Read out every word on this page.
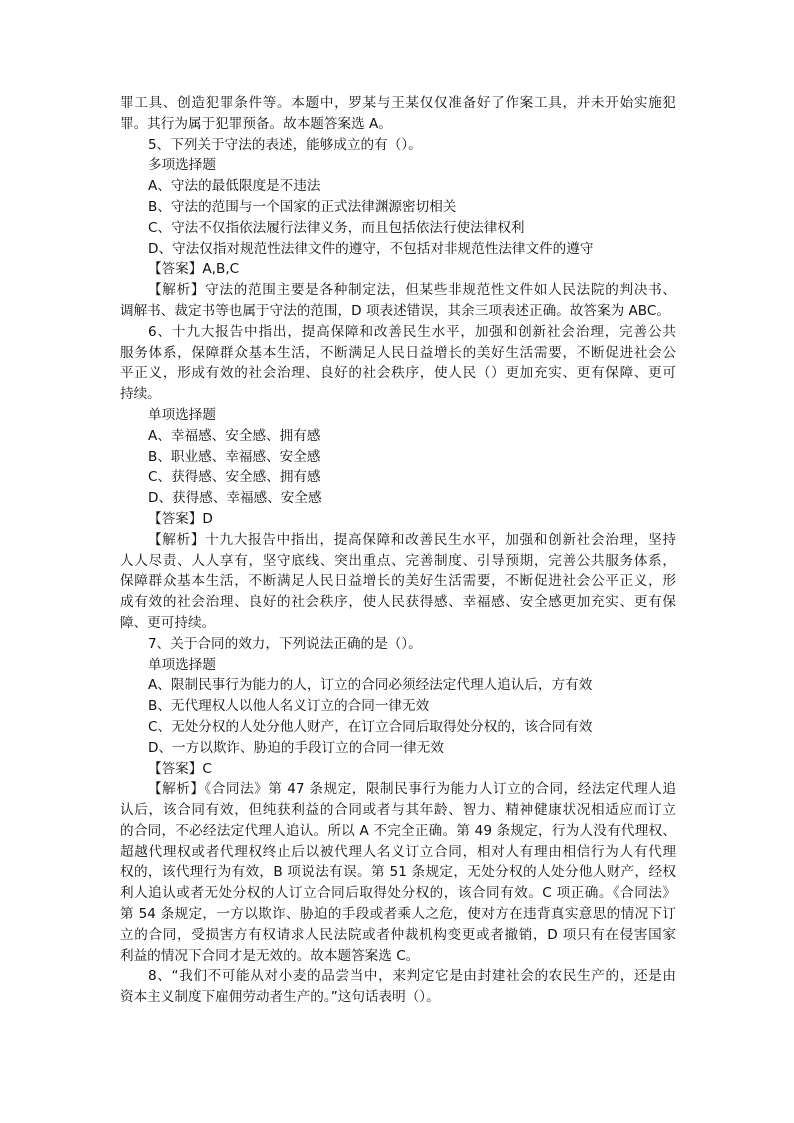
罪工具、创造犯罪条件等。本题中，罗某与王某仅仅准备好了作案工具，并未开始实施犯
罪。其行为属于犯罪预备。故本题答案选 A。
5、下列关于守法的表述，能够成立的有（）。
多项选择题
A、守法的最低限度是不违法
B、守法的范围与一个国家的正式法律渊源密切相关
C、守法不仅指依法履行法律义务，而且包括依法行使法律权利
D、守法仅指对规范性法律文件的遵守，不包括对非规范性法律文件的遵守
【答案】A,B,C
【解析】守法的范围主要是各种制定法，但某些非规范性文件如人民法院的判决书、
调解书、裁定书等也属于守法的范围，D 项表述错误，其余三项表述正确。故答案为 ABC。
6、十九大报告中指出，提高保障和改善民生水平，加强和创新社会治理，完善公共
服务体系，保障群众基本生活，不断满足人民日益增长的美好生活需要，不断促进社会公
平正义，形成有效的社会治理、良好的社会秩序，使人民（）更加充实、更有保障、更可
持续。
单项选择题
A、幸福感、安全感、拥有感
B、职业感、幸福感、安全感
C、获得感、安全感、拥有感
D、获得感、幸福感、安全感
【答案】D
【解析】十九大报告中指出，提高保障和改善民生水平，加强和创新社会治理，坚持
人人尽责、人人享有，坚守底线、突出重点、完善制度、引导预期，完善公共服务体系，
保障群众基本生活，不断满足人民日益增长的美好生活需要，不断促进社会公平正义，形
成有效的社会治理、良好的社会秩序，使人民获得感、幸福感、安全感更加充实、更有保
障、更可持续。
7、关于合同的效力，下列说法正确的是（）。
单项选择题
A、限制民事行为能力的人，订立的合同必须经法定代理人追认后，方有效
B、无代理权人以他人名义订立的合同一律无效
C、无处分权的人处分他人财产，在订立合同后取得处分权的，该合同有效
D、一方以欺诈、胁迫的手段订立的合同一律无效
【答案】C
【解析】《合同法》第 47 条规定，限制民事行为能力人订立的合同，经法定代理人追
认后，该合同有效，但纯获利益的合同或者与其年龄、智力、精神健康状况相适应而订立
的合同，不必经法定代理人追认。所以 A 不完全正确。第 49 条规定，行为人没有代理权、
超越代理权或者代理权终止后以被代理人名义订立合同，相对人有理由相信行为人有代理
权的，该代理行为有效，B 项说法有误。第 51 条规定，无处分权的人处分他人财产，经权
利人追认或者无处分权的人订立合同后取得处分权的，该合同有效。C 项正确。《合同法》
第 54 条规定，一方以欺诈、胁迫的手段或者乘人之危，使对方在违背真实意思的情况下订
立的合同，受损害方有权请求人民法院或者仲裁机构变更或者撤销，D 项只有在侵害国家
利益的情况下合同才是无效的。故本题答案选 C。
8、“我们不可能从对小麦的品尝当中，来判定它是由封建社会的农民生产的，还是由
资本主义制度下雇佣劳动者生产的。”这句话表明（）。
